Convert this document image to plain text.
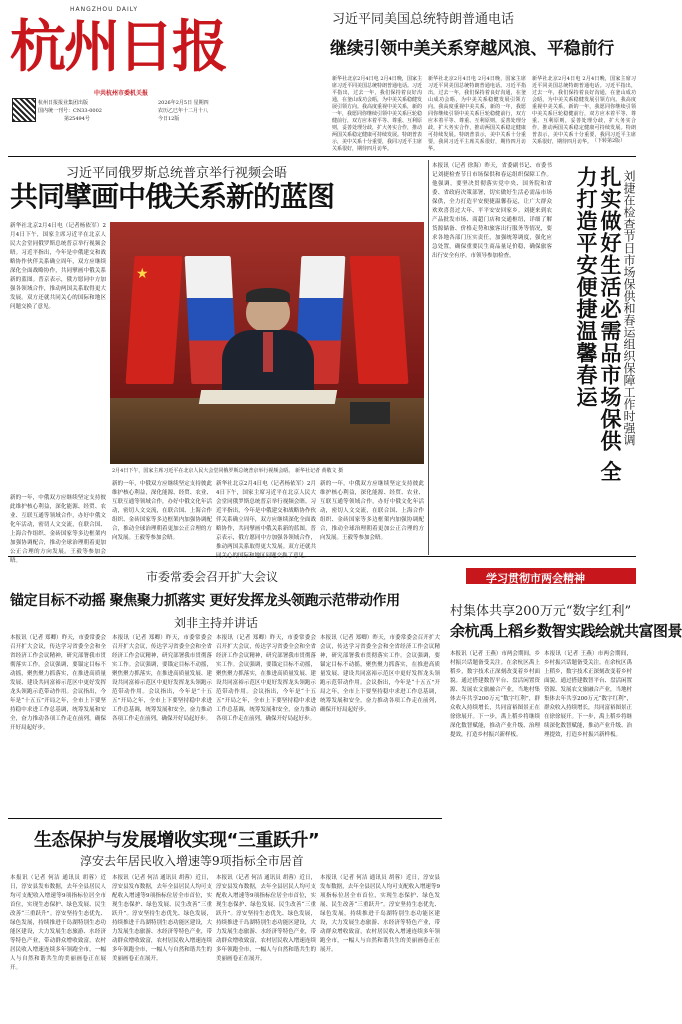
HANGZHOU DAILY
杭州日报
中共杭州市委机关报
杭州日报报业集团出版
国内统一刊号：CN33-0002
第25494号
2026年2月5日 星期四
农历乙巳年十二月十八
今日12版
习近平同美国总统特朗普通电话
继续引领中美关系穿越风浪、平稳前行
新华社北京2月4日电 2月4日晚，国家主席习近平同美国总统特朗普通电话。习近平指出，过去一年，我们保持着良好沟通，在釜山成功会晤，为中美关系稳健发展引领方向。我高度重视中美关系，新的一年，我愿同你继续引领中美关系巨轮稳健前行，双方应本着平等、尊重、互利原则，妥善处理分歧，扩大务实合作，推动两国关系稳定健康可持续发展。特朗普表示，美中关系十分重要，我同习近平主席关系很好，期待四月访华。
新华社北京2月4日电 2月4日晚，国家主席习近平同美国总统特朗普通电话。习近平指出，过去一年，我们保持着良好沟通，在釜山成功会晤，为中美关系稳健发展引领方向。我高度重视中美关系，新的一年，我愿同你继续引领中美关系巨轮稳健前行，双方应本着平等、尊重、互利原则，妥善处理分歧，扩大务实合作，推动两国关系稳定健康可持续发展。特朗普表示，美中关系十分重要，我同习近平主席关系很好，期待四月访华。
新华社北京2月4日电 2月4日晚，国家主席习近平同美国总统特朗普通电话。习近平指出，过去一年，我们保持着良好沟通，在釜山成功会晤，为中美关系稳健发展引领方向。我高度重视中美关系，新的一年，我愿同你继续引领中美关系巨轮稳健前行，双方应本着平等、尊重、互利原则，妥善处理分歧，扩大务实合作，推动两国关系稳定健康可持续发展。特朗普表示，美中关系十分重要，我同习近平主席关系很好，期待四月访华。 （下转第2版）
习近平同俄罗斯总统普京举行视频会晤
共同擘画中俄关系新的蓝图
新华社北京2月4日电（记者杨依军）2月4日下午，国家主席习近平在北京人民大会堂同俄罗斯总统普京举行视频会晤。习近平指出，今年是中俄建交和战略协作伙伴关系确立周年，双方应继续深化全面战略协作，共同擘画中俄关系新的蓝图。普京表示，俄方愿同中方加强各领域合作，推动两国关系取得更大发展。双方还就共同关心的国际和地区问题交换了意见。
★
2月4日下午，国家主席习近平在北京人民大会堂同俄罗斯总统普京举行视频会晤。 新华社记者 黄敬文 摄
新的一年，中俄双方应继续坚定支持彼此维护核心利益，深化能源、经贸、农业、互联互通等领域合作，办好中俄文化年活动，密切人文交流，在联合国、上海合作组织、金砖国家等多边框架内加强协调配合，推动全球治理朝着更加公正合理的方向发展。王毅等参加会晤。
新华社北京2月4日电（记者杨依军）2月4日下午，国家主席习近平在北京人民大会堂同俄罗斯总统普京举行视频会晤。习近平指出，今年是中俄建交和战略协作伙伴关系确立周年，双方应继续深化全面战略协作，共同擘画中俄关系新的蓝图。普京表示，俄方愿同中方加强各领域合作，推动两国关系取得更大发展。双方还就共同关心的国际和地区问题交换了意见。
新的一年，中俄双方应继续坚定支持彼此维护核心利益，深化能源、经贸、农业、互联互通等领域合作，办好中俄文化年活动，密切人文交流，在联合国、上海合作组织、金砖国家等多边框架内加强协调配合，推动全球治理朝着更加公正合理的方向发展。王毅等参加会晤。
新的一年，中俄双方应继续坚定支持彼此维护核心利益，深化能源、经贸、农业、互联互通等领域合作，办好中俄文化年活动，密切人文交流，在联合国、上海合作组织、金砖国家等多边框架内加强协调配合，推动全球治理朝着更加公正合理的方向发展。王毅等参加会晤。
本报讯（记者 徐海）昨天，省委副书记、市委书记刘捷检查节日市场保供和春运组织保障工作。他强调，要坚决贯彻落实党中央、国务院和省委、省政府决策部署，切实做好生活必需品市场保供，全力打造平安便捷温馨春运，让广大群众欢欢喜喜过大年、平平安安回家乡。刘捷来到农产品批发市场、商超门店和交通枢纽，详细了解货源储备、价格走势和旅客出行服务等情况，要求各地各部门压实责任，加强统筹调度，强化应急处置，确保重要民生商品量足价稳，确保旅客出行安全有序。市领导参加检查。	扎实做好生活必需品市场保供 全力打造平安便捷温馨春运	刘捷在检查节日市场保供和春运组织保障工作时强调
学习贯彻市两会精神
村集体共享200万元“数字红利”
余杭禹上稻乡数智实践绘就共富图景
本报讯（记者 王燕）市两会期间，乡村振兴话题备受关注。在余杭区禹上稻乡，数字技术正深刻改变着乡村面貌。通过搭建数智平台、盘活闲置资源、发展农文旅融合产业，当地村集体去年共享200万元“数字红利”，群众收入持续增长，共同富裕图景正在徐徐展开。下一步，禹上稻乡将继续深化数智赋能，推动产业升级、治理提效，打造乡村振兴新样板。
本报讯（记者 王燕）市两会期间，乡村振兴话题备受关注。在余杭区禹上稻乡，数字技术正深刻改变着乡村面貌。通过搭建数智平台、盘活闲置资源、发展农文旅融合产业，当地村集体去年共享200万元“数字红利”，群众收入持续增长，共同富裕图景正在徐徐展开。下一步，禹上稻乡将继续深化数智赋能，推动产业升级、治理提效，打造乡村振兴新样板。
市委常委会召开扩大会议
锚定目标不动摇 聚焦聚力抓落实 更好发挥龙头领跑示范带动作用
刘非主持并讲话
本报讯（记者 郑卿）昨天，市委常委会召开扩大会议，传达学习省委全会和全省经济工作会议精神，研究部署我市贯彻落实工作。会议强调，要锚定目标不动摇，聚焦聚力抓落实，在推进高质量发展、建设共同富裕示范区中更好发挥龙头领跑示范带动作用。会议指出，今年是“十五五”开局之年，全市上下要坚持稳中求进工作总基调，统筹发展和安全，奋力推动各项工作走在前列，确保开好局起好步。
本报讯（记者 郑卿）昨天，市委常委会召开扩大会议，传达学习省委全会和全省经济工作会议精神，研究部署我市贯彻落实工作。会议强调，要锚定目标不动摇，聚焦聚力抓落实，在推进高质量发展、建设共同富裕示范区中更好发挥龙头领跑示范带动作用。会议指出，今年是“十五五”开局之年，全市上下要坚持稳中求进工作总基调，统筹发展和安全，奋力推动各项工作走在前列，确保开好局起好步。
本报讯（记者 郑卿）昨天，市委常委会召开扩大会议，传达学习省委全会和全省经济工作会议精神，研究部署我市贯彻落实工作。会议强调，要锚定目标不动摇，聚焦聚力抓落实，在推进高质量发展、建设共同富裕示范区中更好发挥龙头领跑示范带动作用。会议指出，今年是“十五五”开局之年，全市上下要坚持稳中求进工作总基调，统筹发展和安全，奋力推动各项工作走在前列，确保开好局起好步。
本报讯（记者 郑卿）昨天，市委常委会召开扩大会议，传达学习省委全会和全省经济工作会议精神，研究部署我市贯彻落实工作。会议强调，要锚定目标不动摇，聚焦聚力抓落实，在推进高质量发展、建设共同富裕示范区中更好发挥龙头领跑示范带动作用。会议指出，今年是“十五五”开局之年，全市上下要坚持稳中求进工作总基调，统筹发展和安全，奋力推动各项工作走在前列，确保开好局起好步。
生态保护与发展增收实现“三重跃升”
淳安去年居民收入增速等9项指标全市居首
本报讯（记者 何洁 通讯员 胡蓉）近日，淳安县发布数据，去年全县居民人均可支配收入增速等9项指标位居全市首位，实现生态保护、绿色发展、民生改善“三重跃升”。淳安坚持生态优先、绿色发展，持续推进千岛湖特别生态功能区建设，大力发展生态旅游、水经济等特色产业，带动群众增收致富，农村居民收入增速连续多年领跑全市，一幅人与自然和谐共生的美丽画卷正在展开。
本报讯（记者 何洁 通讯员 胡蓉）近日，淳安县发布数据，去年全县居民人均可支配收入增速等9项指标位居全市首位，实现生态保护、绿色发展、民生改善“三重跃升”。淳安坚持生态优先、绿色发展，持续推进千岛湖特别生态功能区建设，大力发展生态旅游、水经济等特色产业，带动群众增收致富，农村居民收入增速连续多年领跑全市，一幅人与自然和谐共生的美丽画卷正在展开。
本报讯（记者 何洁 通讯员 胡蓉）近日，淳安县发布数据，去年全县居民人均可支配收入增速等9项指标位居全市首位，实现生态保护、绿色发展、民生改善“三重跃升”。淳安坚持生态优先、绿色发展，持续推进千岛湖特别生态功能区建设，大力发展生态旅游、水经济等特色产业，带动群众增收致富，农村居民收入增速连续多年领跑全市，一幅人与自然和谐共生的美丽画卷正在展开。
本报讯（记者 何洁 通讯员 胡蓉）近日，淳安县发布数据，去年全县居民人均可支配收入增速等9项指标位居全市首位，实现生态保护、绿色发展、民生改善“三重跃升”。淳安坚持生态优先、绿色发展，持续推进千岛湖特别生态功能区建设，大力发展生态旅游、水经济等特色产业，带动群众增收致富，农村居民收入增速连续多年领跑全市，一幅人与自然和谐共生的美丽画卷正在展开。
